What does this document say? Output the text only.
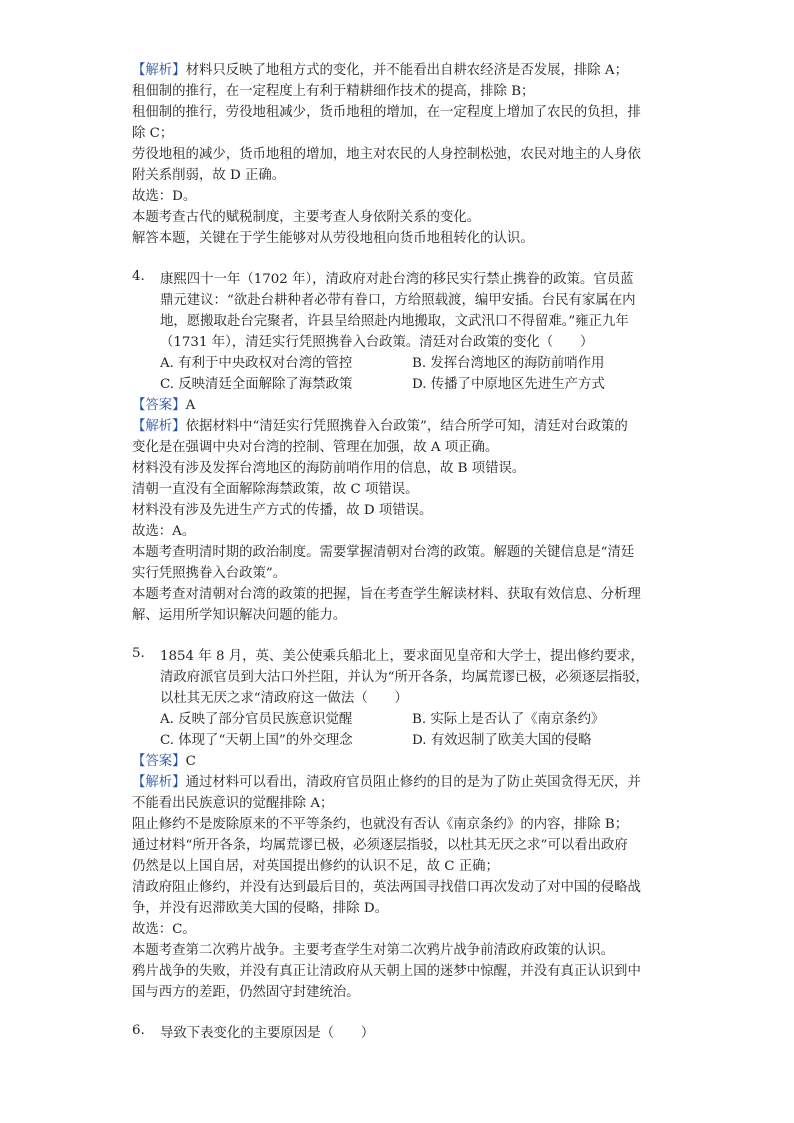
【解析】材料只反映了地租方式的变化，并不能看出自耕农经济是否发展，排除 A；
租佃制的推行，在一定程度上有利于精耕细作技术的提高，排除 B；
租佃制的推行，劳役地租减少，货币地租的增加，在一定程度上增加了农民的负担，排
除 C；
劳役地租的减少，货币地租的增加，地主对农民的人身控制松弛，农民对地主的人身依
附关系削弱，故 D 正确。
故选：D。
本题考查古代的赋税制度，主要考查人身依附关系的变化。
解答本题，关键在于学生能够对从劳役地租向货币地租转化的认识。
4.	康熙四十一年（1702 年），清政府对赴台湾的移民实行禁止携眷的政策。官员蓝
鼎元建议：“欲赴台耕种者必带有眷口，方给照载渡，编甲安插。台民有家属在内
地，愿搬取赴台完聚者，许县呈给照赴内地搬取，文武汛口不得留难。”雍正九年
（1731 年），清廷实行凭照携眷入台政策。清廷对台政策的变化（　　）
A. 有利于中央政权对台湾的管控	B. 发挥台湾地区的海防前哨作用
C. 反映清廷全面解除了海禁政策	D. 传播了中原地区先进生产方式
【答案】A
【解析】依据材料中“清廷实行凭照携眷入台政策”，结合所学可知，清廷对台政策的
变化是在强调中央对台湾的控制、管理在加强，故 A 项正确。
材料没有涉及发挥台湾地区的海防前哨作用的信息，故 B 项错误。
清朝一直没有全面解除海禁政策，故 C 项错误。
材料没有涉及先进生产方式的传播，故 D 项错误。
故选：A。
本题考查明清时期的政治制度。需要掌握清朝对台湾的政策。解题的关键信息是“清廷
实行凭照携眷入台政策”。
本题考查对清朝对台湾的政策的把握，旨在考查学生解读材料、获取有效信息、分析理
解、运用所学知识解决问题的能力。
5.	1854 年 8 月，英、美公使乘兵船北上，要求面见皇帝和大学士，提出修约要求，
清政府派官员到大沽口外拦阻，并认为“所开各条，均属荒谬已极，必须逐层指驳，
以杜其无厌之求“清政府这一做法（　　）
A. 反映了部分官员民族意识觉醒	B. 实际上是否认了《南京条约》
C. 体现了“天朝上国”的外交理念	D. 有效迟制了欧美大国的侵略
【答案】C
【解析】通过材料可以看出，清政府官员阻止修约的目的是为了防止英国贪得无厌，并
不能看出民族意识的觉醒排除 A；
阻止修约不是废除原来的不平等条约，也就没有否认《南京条约》的内容，排除 B；
通过材料“所开各条，均属荒谬已极，必须逐层指驳，以杜其无厌之求”可以看出政府
仍然是以上国自居，对英国提出修约的认识不足，故 C 正确；
清政府阻止修约，并没有达到最后目的，英法两国寻找借口再次发动了对中国的侵略战
争，并没有迟滞欧美大国的侵略，排除 D。
故选：C。
本题考查第二次鸦片战争。主要考查学生对第二次鸦片战争前清政府政策的认识。
鸦片战争的失败，并没有真正让清政府从天朝上国的迷梦中惊醒，并没有真正认识到中
国与西方的差距，仍然固守封建统治。
6.	导致下表变化的主要原因是（　　）
